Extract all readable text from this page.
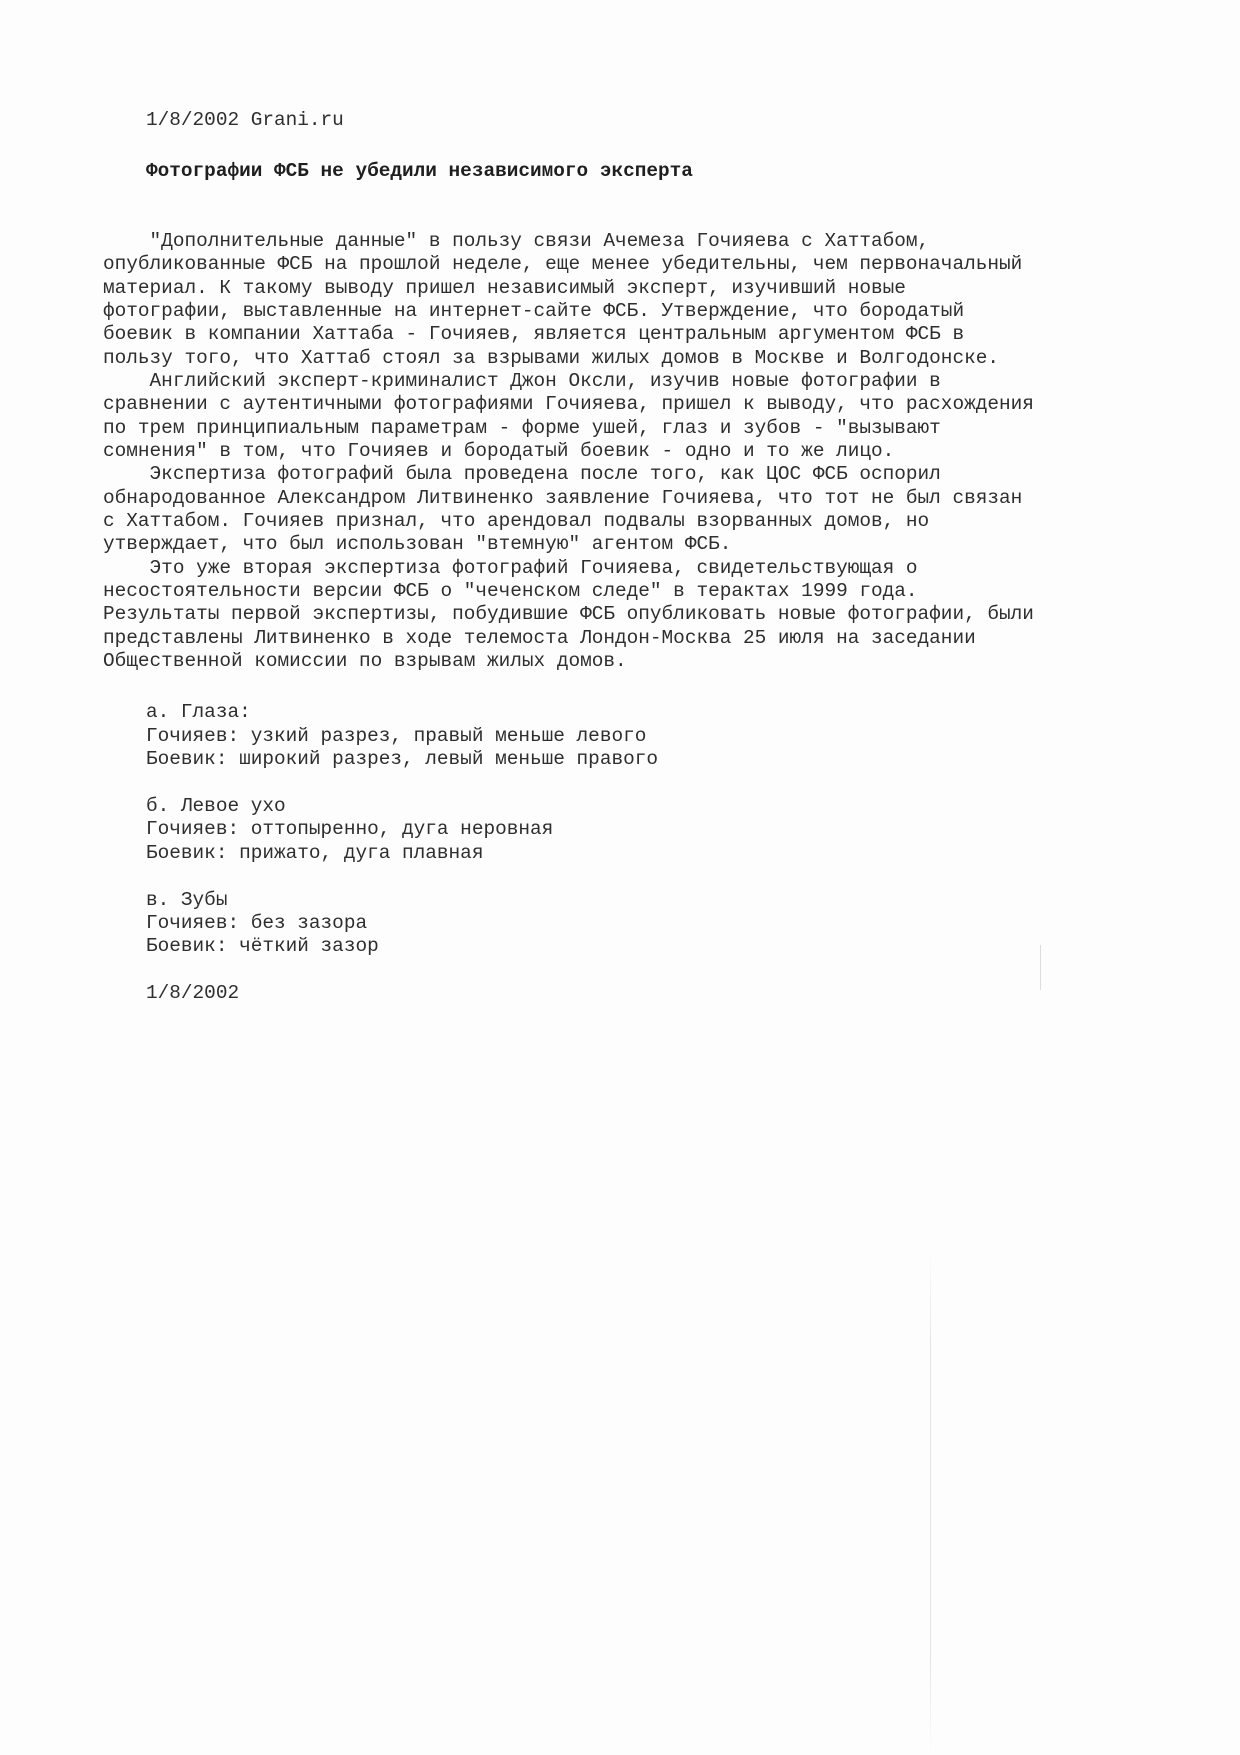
1/8/2002 Grani.ru
Фотографии ФСБ не убедили независимого эксперта
"Дополнительные данные" в пользу связи Ачемеза Гочияева с Хаттабом,
опубликованные ФСБ на прошлой неделе, еще менее убедительны, чем первоначальный
материал. К такому выводу пришел независимый эксперт, изучивший новые
фотографии, выставленные на интернет-сайте ФСБ. Утверждение, что бородатый
боевик в компании Хаттаба - Гочияев, является центральным аргументом ФСБ в
пользу того, что Хаттаб стоял за взрывами жилых домов в Москве и Волгодонске.
Английский эксперт-криминалист Джон Оксли, изучив новые фотографии в
сравнении с аутентичными фотографиями Гочияева, пришел к выводу, что расхождения
по трем принципиальным параметрам - форме ушей, глаз и зубов - "вызывают
сомнения" в том, что Гочияев и бородатый боевик - одно и то же лицо.
Экспертиза фотографий была проведена после того, как ЦОС ФСБ оспорил
обнародованное Александром Литвиненко заявление Гочияева, что тот не был связан
с Хаттабом. Гочияев признал, что арендовал подвалы взорванных домов, но
утверждает, что был использован "втемную" агентом ФСБ.
Это уже вторая экспертиза фотографий Гочияева, свидетельствующая о
несостоятельности версии ФСБ о "чеченском следе" в терактах 1999 года.
Результаты первой экспертизы, побудившие ФСБ опубликовать новые фотографии, были
представлены Литвиненко в ходе телемоста Лондон-Москва 25 июля на заседании
Общественной комиссии по взрывам жилых домов.
а. Глаза:
Гочияев: узкий разрез, правый меньше левого
Боевик: широкий разрез, левый меньше правого
б. Левое ухо
Гочияев: оттопыренно, дуга неровная
Боевик: прижато, дуга плавная
в. Зубы
Гочияев: без зазора
Боевик: чёткий зазор
1/8/2002
